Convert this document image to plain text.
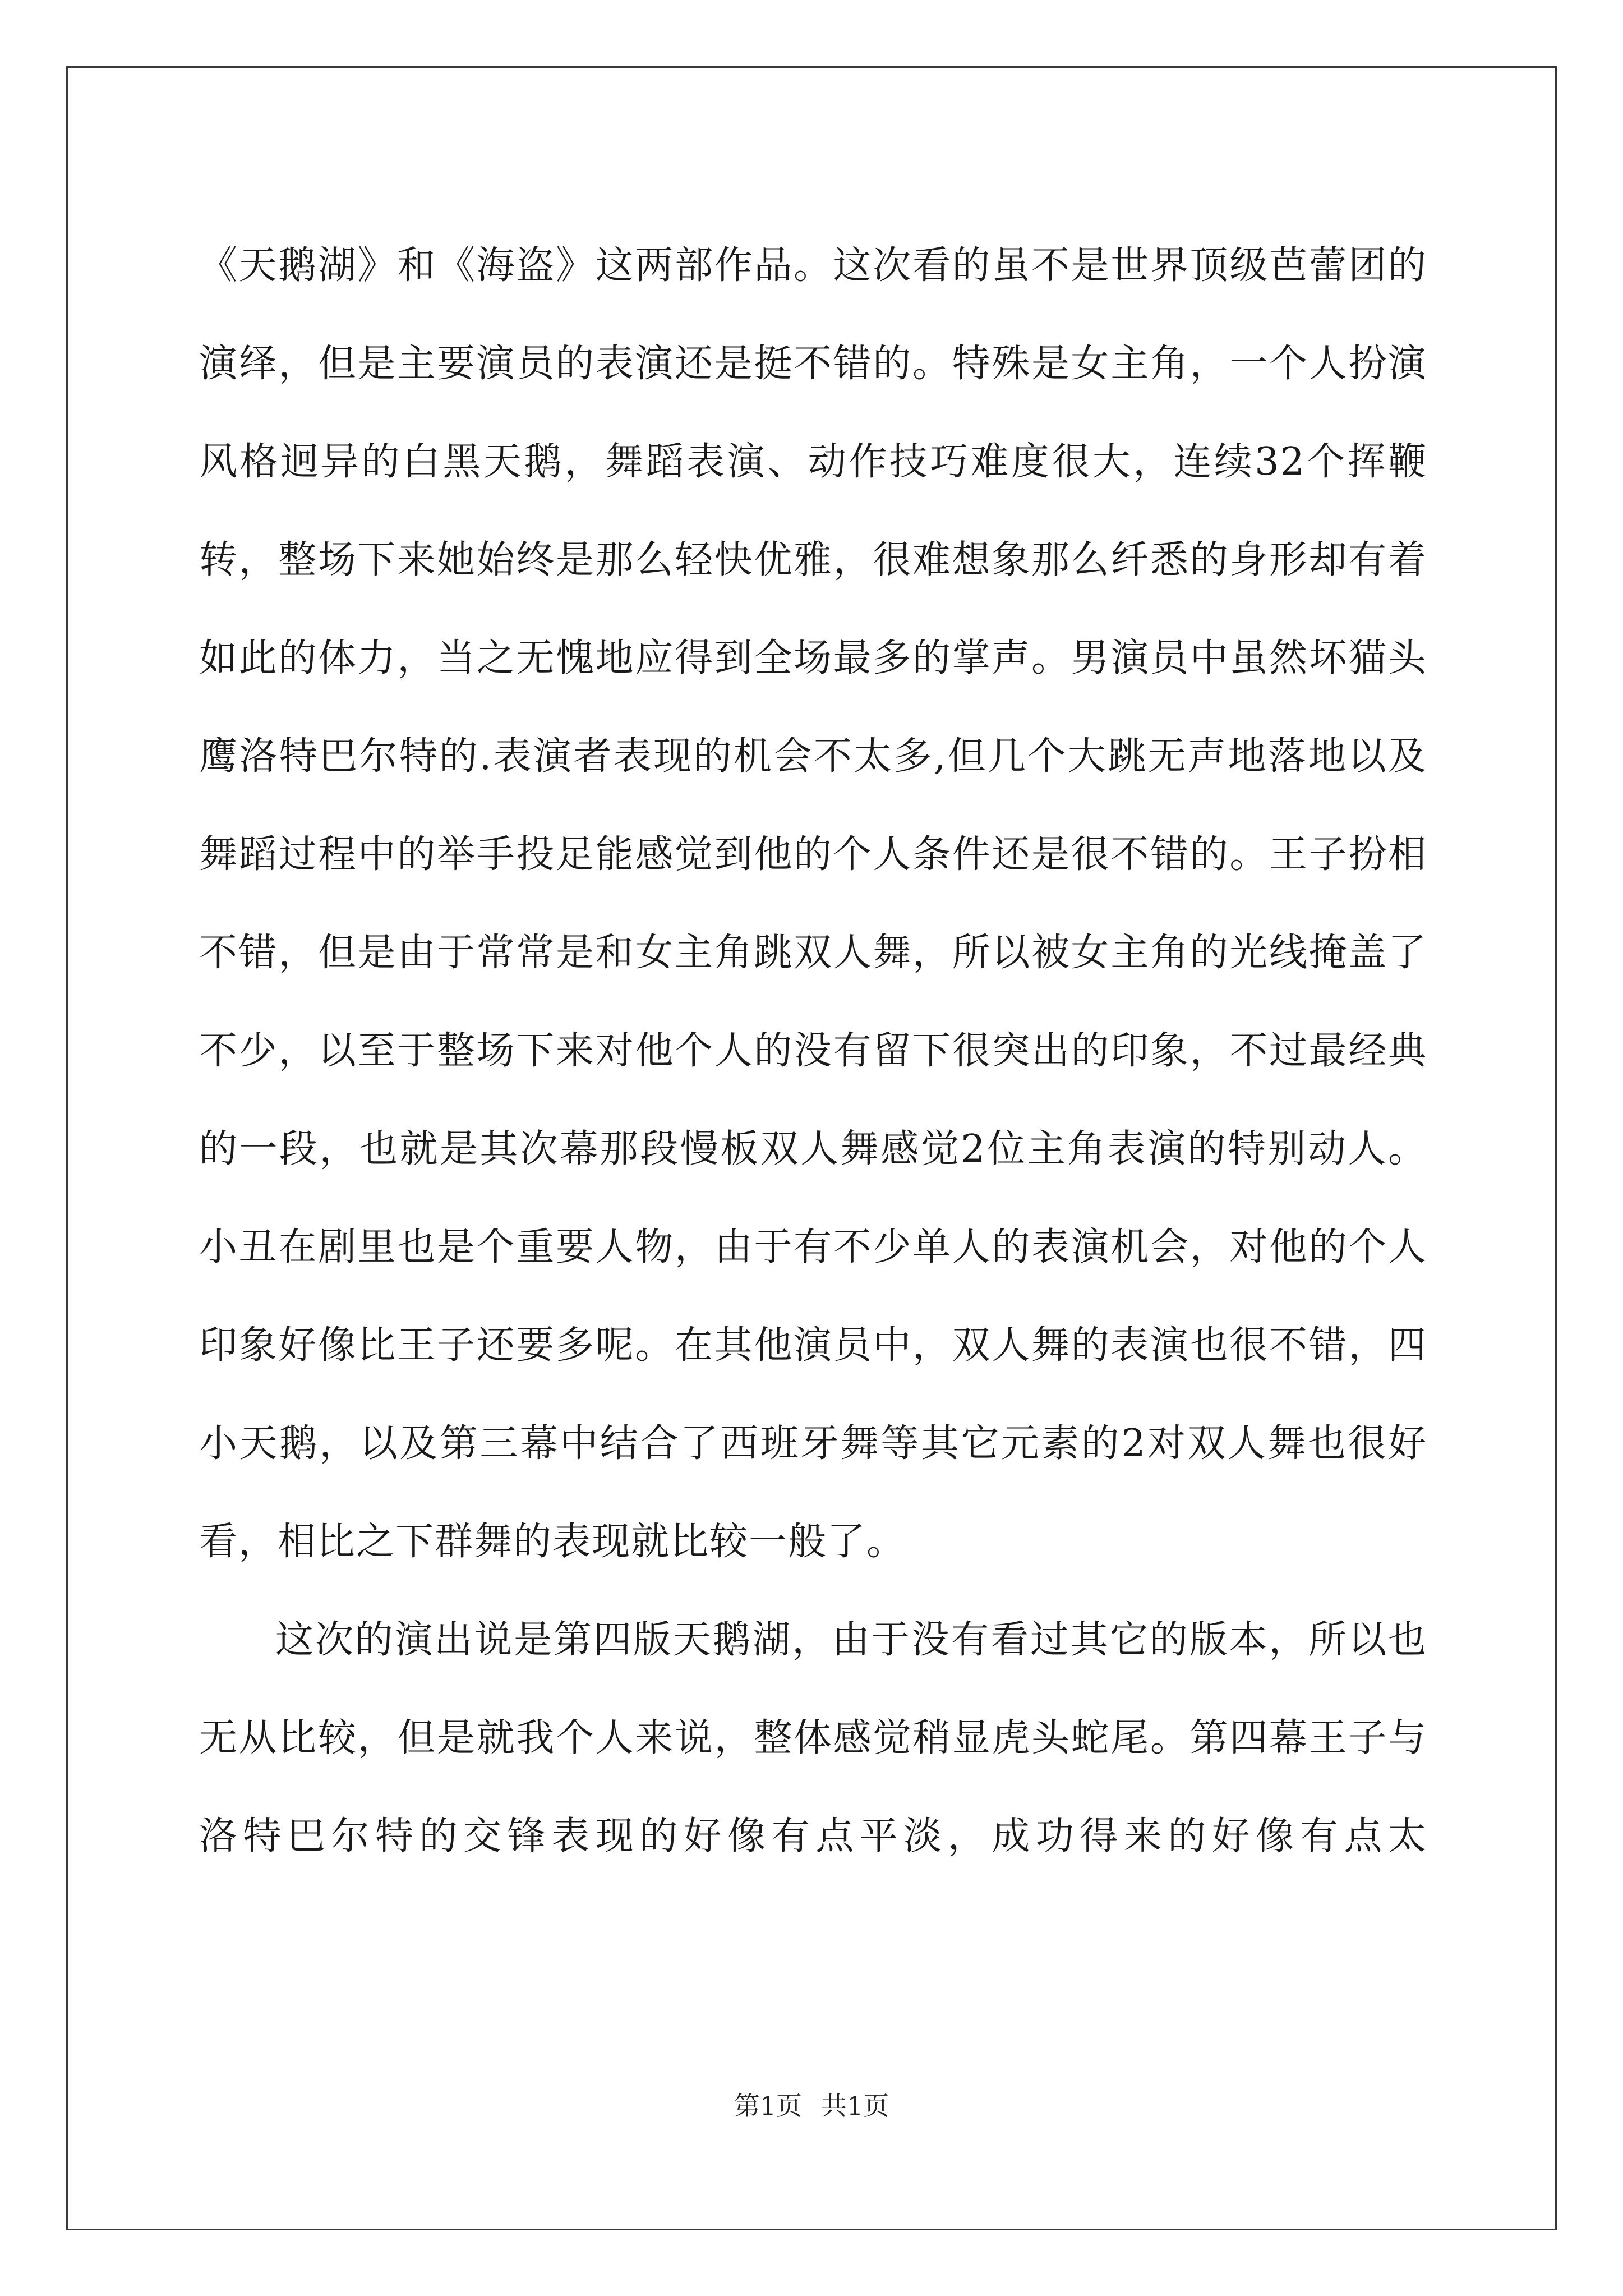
《天鹅湖》和《海盗》这两部作品。这次看的虽不是世界顶级芭蕾团的演绎，但是主要演员的表演还是挺不错的。特殊是女主角，一个人扮演风格迥异的白黑天鹅，舞蹈表演、动作技巧难度很大，连续32个挥鞭转，整场下来她始终是那么轻快优雅，很难想象那么纤悉的身形却有着如此的体力，当之无愧地应得到全场最多的掌声。男演员中虽然坏猫头鹰洛特巴尔特的.表演者表现的机会不太多,但几个大跳无声地落地以及舞蹈过程中的举手投足能感觉到他的个人条件还是很不错的。王子扮相不错，但是由于常常是和女主角跳双人舞，所以被女主角的光线掩盖了不少，以至于整场下来对他个人的没有留下很突出的印象，不过最经典的一段，也就是其次幕那段慢板双人舞感觉2位主角表演的特别动人。小丑在剧里也是个重要人物，由于有不少单人的表演机会，对他的个人印象好像比王子还要多呢。在其他演员中，双人舞的表演也很不错，四小天鹅，以及第三幕中结合了西班牙舞等其它元素的2对双人舞也很好看，相比之下群舞的表现就比较一般了。

这次的演出说是第四版天鹅湖，由于没有看过其它的版本，所以也无从比较，但是就我个人来说，整体感觉稍显虎头蛇尾。第四幕王子与洛特巴尔特的交锋表现的好像有点平淡，成功得来的好像有点太

第1页 共1页
